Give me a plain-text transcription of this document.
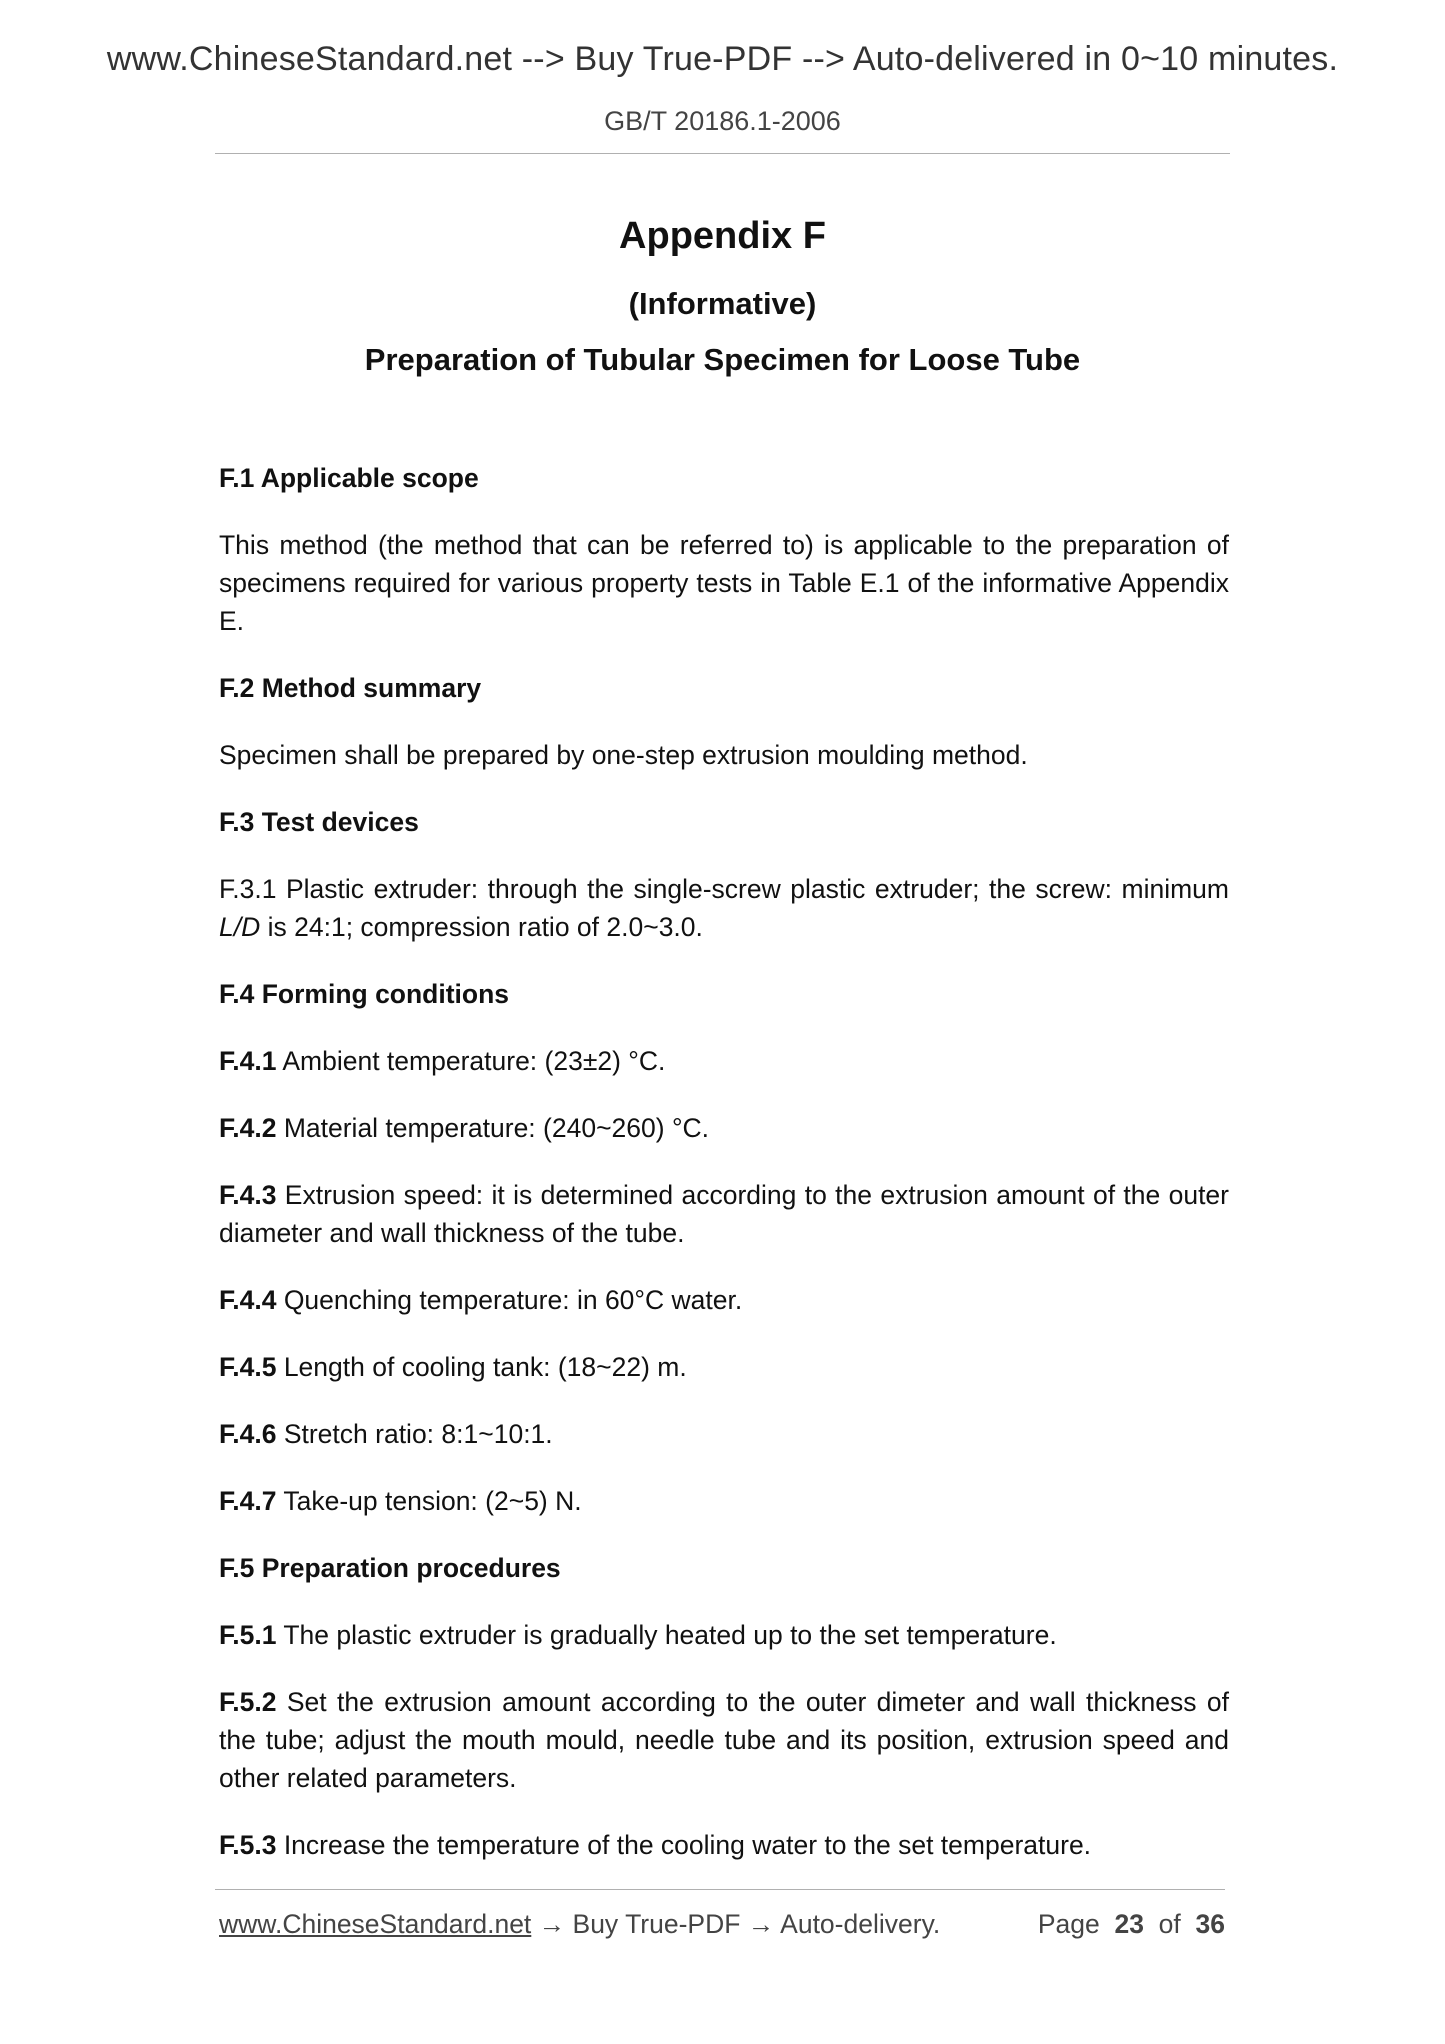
www.ChineseStandard.net --> Buy True-PDF --> Auto-delivered in 0~10 minutes.
GB/T 20186.1-2006
Appendix F
(Informative)
Preparation of Tubular Specimen for Loose Tube
F.1 Applicable scope
This method (the method that can be referred to) is applicable to the preparation of specimens required for various property tests in Table E.1 of the informative Appendix E.
F.2 Method summary
Specimen shall be prepared by one-step extrusion moulding method.
F.3 Test devices
F.3.1 Plastic extruder: through the single-screw plastic extruder; the screw: minimum L/D is 24:1; compression ratio of 2.0~3.0.
F.4 Forming conditions
F.4.1 Ambient temperature: (23±2) °C.
F.4.2 Material temperature: (240~260) °C.
F.4.3 Extrusion speed: it is determined according to the extrusion amount of the outer diameter and wall thickness of the tube.
F.4.4 Quenching temperature: in 60°C water.
F.4.5 Length of cooling tank: (18~22) m.
F.4.6 Stretch ratio: 8:1~10:1.
F.4.7 Take-up tension: (2~5) N.
F.5 Preparation procedures
F.5.1 The plastic extruder is gradually heated up to the set temperature.
F.5.2 Set the extrusion amount according to the outer dimeter and wall thickness of the tube; adjust the mouth mould, needle tube and its position, extrusion speed and other related parameters.
F.5.3 Increase the temperature of the cooling water to the set temperature.
www.ChineseStandard.net → Buy True-PDF → Auto-delivery.	Page 23 of 36
